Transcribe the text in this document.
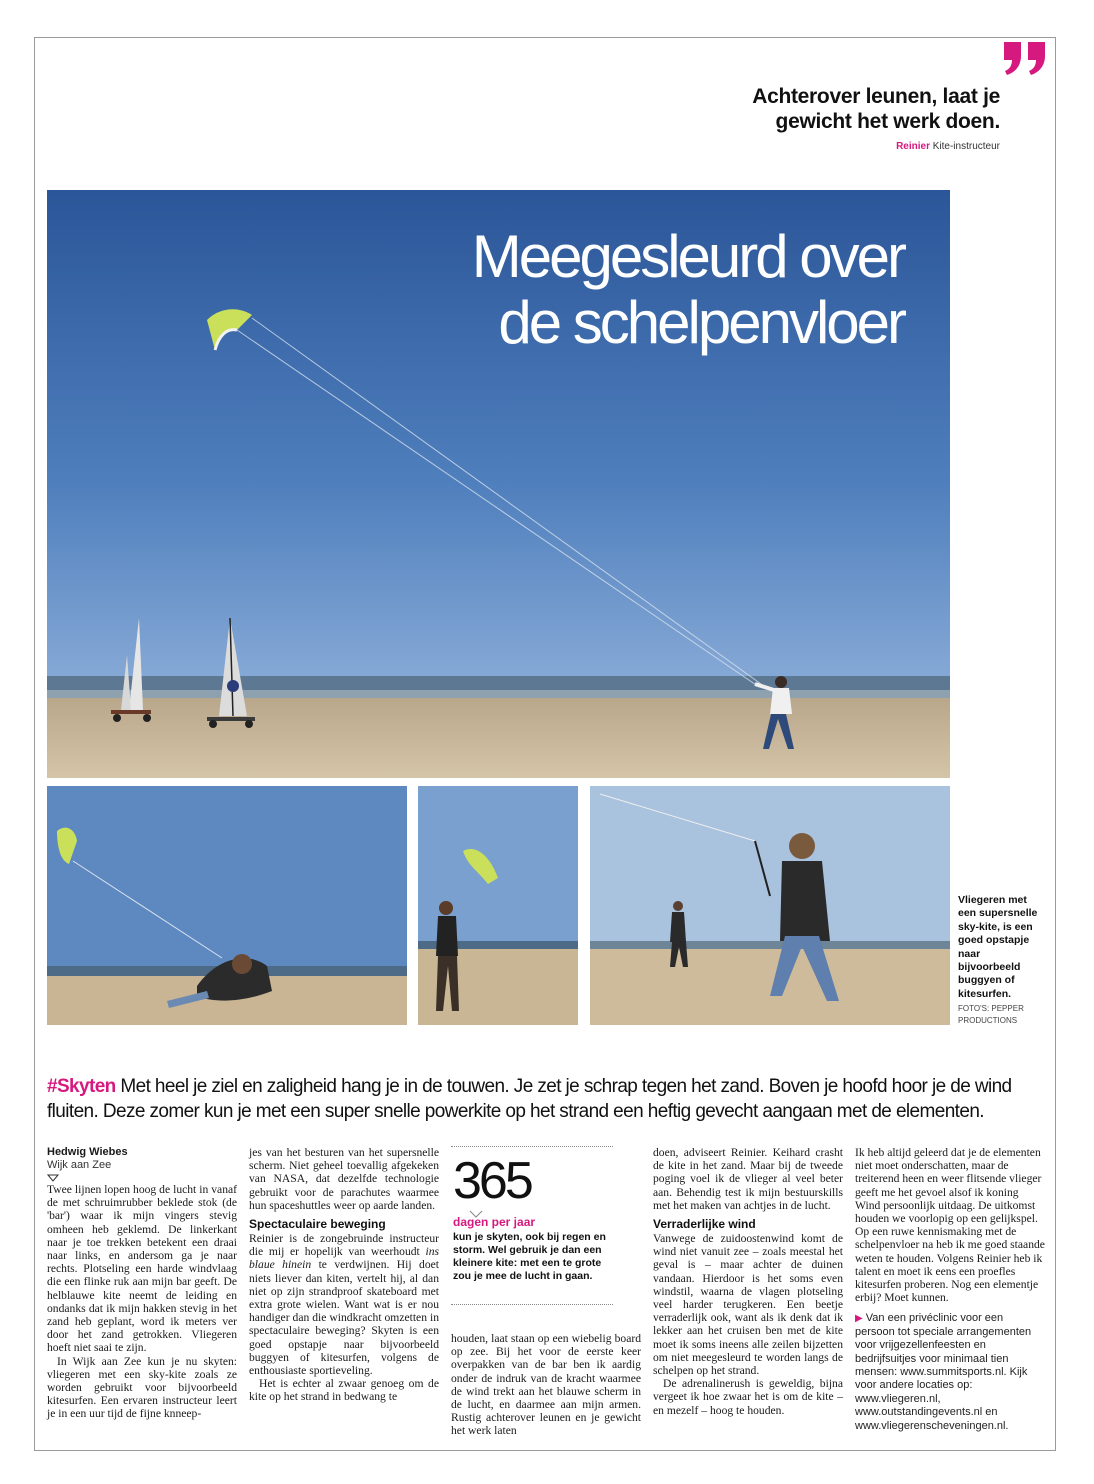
Achterover leunen, laat je
gewicht het werk doen.
Reinier Kite-instructeur
Meegesleurd over
de schelpenvloer
Vliegeren met een supersnelle sky-kite, is een goed opstapje naar bijvoorbeeld buggyen of kitesurfen.
FOTO'S: PEPPER PRODUCTIONS
#Skyten Met heel je ziel en zaligheid hang je in de touwen. Je zet je schrap tegen het zand. Boven je hoofd hoor je de wind fluiten. Deze zomer kun je met een super snelle powerkite op het strand een heftig gevecht aangaan met de elementen.
Hedwig Wiebes
Wijk aan Zee

Twee lijnen lopen hoog de lucht in vanaf de met schruimrubber beklede stok (de 'bar') waar ik mijn vingers stevig omheen heb geklemd. De linkerkant naar je toe trekken betekent een draai naar links, en andersom ga je naar rechts. Plotseling een harde windvlaag die een flinke ruk aan mijn bar geeft. De helblauwe kite neemt de leiding en ondanks dat ik mijn hakken stevig in het zand heb geplant, word ik meters ver door het zand getrokken. Vliegeren hoeft niet saai te zijn.

In Wijk aan Zee kun je nu skyten: vliegeren met een sky-kite zoals ze worden gebruikt voor bijvoorbeeld kitesurfen. Een ervaren instructeur leert je in een uur tijd de fijne knneep-

jes van het besturen van het supersnelle scherm. Niet geheel toevallig afgekeken van NASA, dat dezelfde technologie gebruikt voor de parachutes waarmee hun spaceshuttles weer op aarde landen.

Spectaculaire beweging

Reinier is de zongebruinde instructeur die mij er hopelijk van weerhoudt ins blaue hinein te verdwijnen. Hij doet niets liever dan kiten, vertelt hij, al dan niet op zijn strandproof skateboard met extra grote wielen. Want wat is er nou handiger dan die windkracht omzetten in spectaculaire beweging? Skyten is een goed opstapje naar bijvoorbeeld buggyen of kitesurfen, volgens de enthousiaste sportieveling.

Het is echter al zwaar genoeg om de kite op het strand in bedwang te

365
dagen per jaar
kun je skyten, ook bij regen en storm. Wel gebruik je dan een kleinere kite: met een te grote zou je mee de lucht in gaan.

houden, laat staan op een wiebelig board op zee. Bij het voor de eerste keer overpakken van de bar ben ik aardig onder de indruk van de kracht waarmee de wind trekt aan het blauwe scherm in de lucht, en daarmee aan mijn armen. Rustig achterover leunen en je gewicht het werk laten

doen, adviseert Reinier. Keihard crasht de kite in het zand. Maar bij de tweede poging voel ik de vlieger al veel beter aan. Behendig test ik mijn bestuurskills met het maken van achtjes in de lucht.

Verraderlijke wind

Vanwege de zuidoostenwind komt de wind niet vanuit zee – zoals meestal het geval is – maar achter de duinen vandaan. Hierdoor is het soms even windstil, waarna de vlagen plotseling veel harder terugkeren. Een beetje verraderlijk ook, want als ik denk dat ik lekker aan het cruisen ben met de kite moet ik soms ineens alle zeilen bijzetten om niet meegesleurd te worden langs de schelpen op het strand.

De adrenalinerush is geweldig, bijna vergeet ik hoe zwaar het is om de kite – en mezelf – hoog te houden.

Ik heb altijd geleerd dat je de elementen niet moet onderschatten, maar de treiterend heen en weer flitsende vlieger geeft me het gevoel alsof ik koning Wind persoonlijk uitdaag. De uitkomst houden we voorlopig op een gelijkspel. Op een ruwe kennismaking met de schelpenvloer na heb ik me goed staande weten te houden. Volgens Reinier heb ik talent en moet ik eens een proefles kitesurfen proberen. Nog een elementje erbij? Moet kunnen.

▶ Van een privéclinic voor een persoon tot speciale arrangementen voor vrijgezellenfeesten en bedrijfsuitjes voor minimaal tien mensen: www.summitsports.nl. Kijk voor andere locaties op: www.vliegeren.nl, www.outstandingevents.nl en www.vliegerenscheveningen.nl.
